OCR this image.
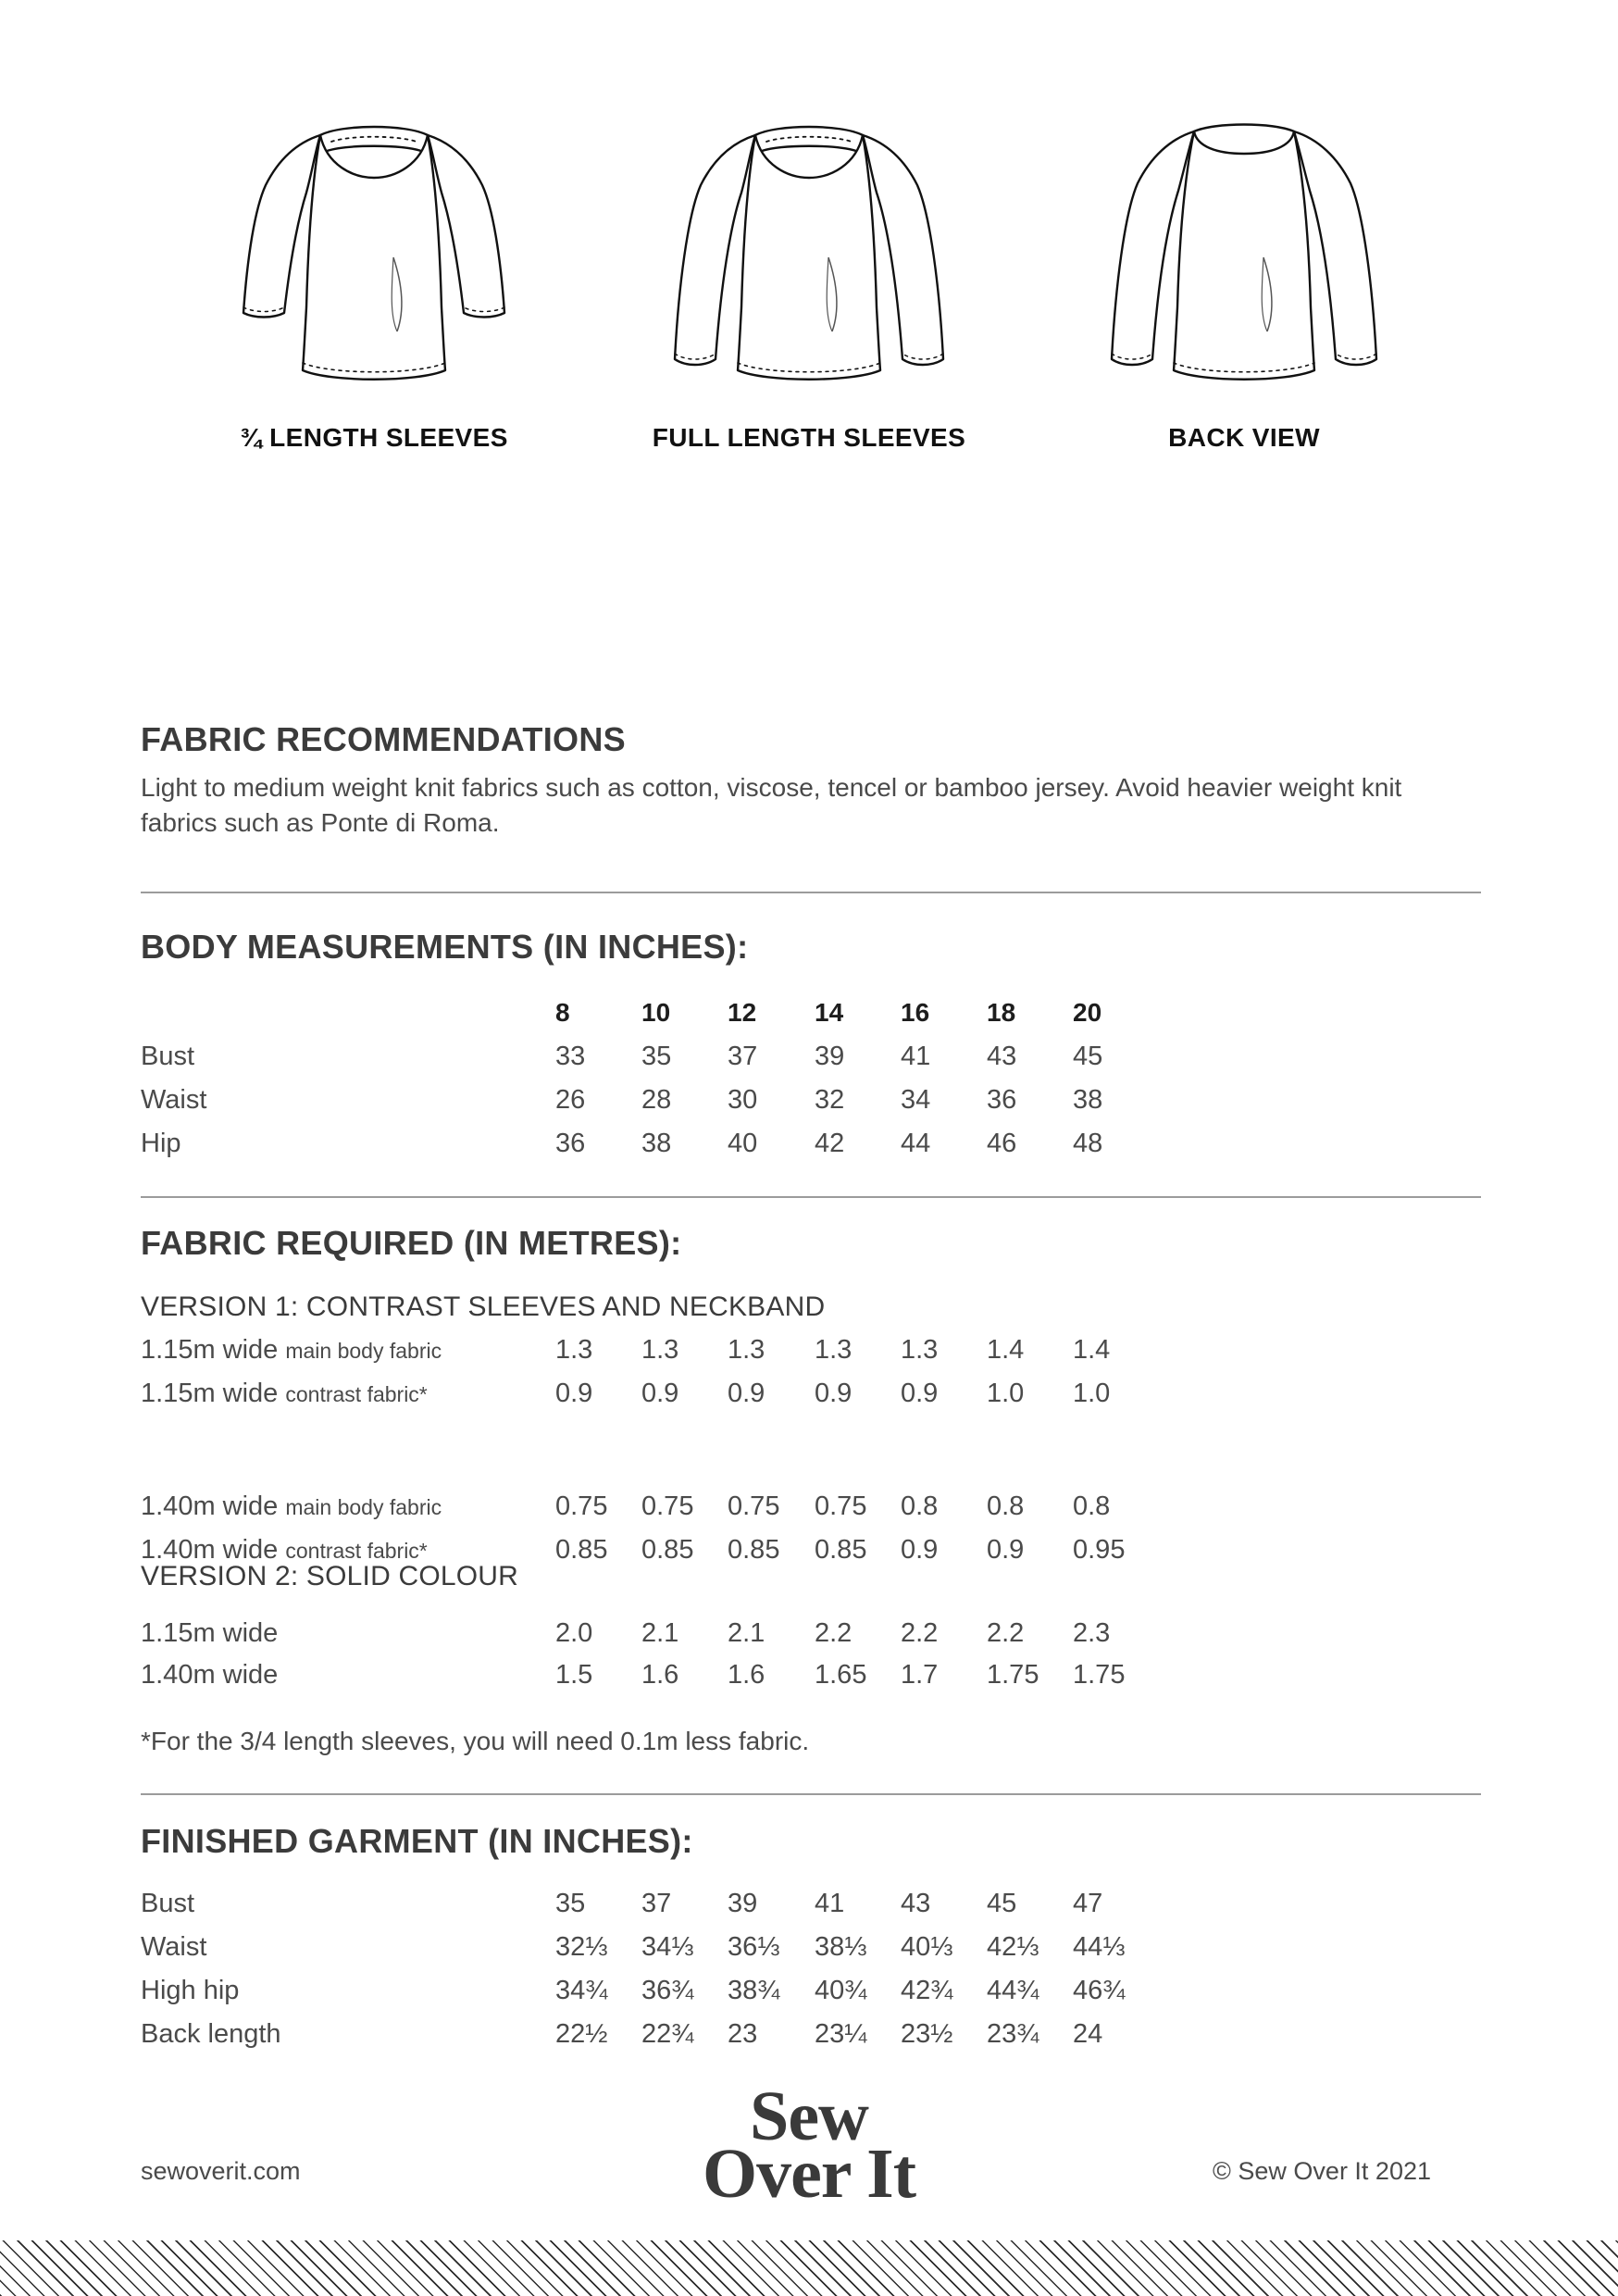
¾ LENGTH SLEEVES	FULL LENGTH SLEEVES	BACK VIEW
FABRIC RECOMMENDATIONS
Light to medium weight knit fabrics such as cotton, viscose, tencel or bamboo jersey. Avoid heavier weight knit fabrics such as Ponte di Roma.
BODY MEASUREMENTS (IN INCHES):
8	10 12 14 16 18 20
Bust	33 35 37 39 41 43 45
Waist	26 28 30 32 34 36 38
Hip	36 38 40 42 44 46 48
FABRIC REQUIRED (IN METRES):
VERSION 1: CONTRAST SLEEVES AND NECKBAND
1.15m wide main body fabric	1.3 1.3 1.3 1.3 1.3 1.4 1.4
1.15m wide contrast fabric*	0.9 0.9 0.9 0.9 0.9 1.0 1.0
1.40m wide main body fabric	0.75 0.75 0.75 0.75 0.8 0.8 0.8
1.40m wide contrast fabric*	0.85 0.85 0.85 0.85 0.9 0.9 0.95
VERSION 2: SOLID COLOUR
1.15m wide	2.0 2.1 2.1 2.2 2.2 2.2 2.3
1.40m wide	1.5 1.6 1.6 1.65 1.7 1.75 1.75
*For the 3/4 length sleeves, you will need 0.1m less fabric.
FINISHED GARMENT (IN INCHES):
Bust	35 37 39 41 43 45 47
Waist	32⅓ 34⅓ 36⅓ 38⅓ 40⅓ 42⅓ 44⅓
High hip	34¾ 36¾ 38¾ 40¾ 42¾ 44¾ 46¾
Back length	22½ 22¾ 23 23¼ 23½ 23¾ 24
sewoverit.com
Sew
Over It	© Sew Over It 2021
